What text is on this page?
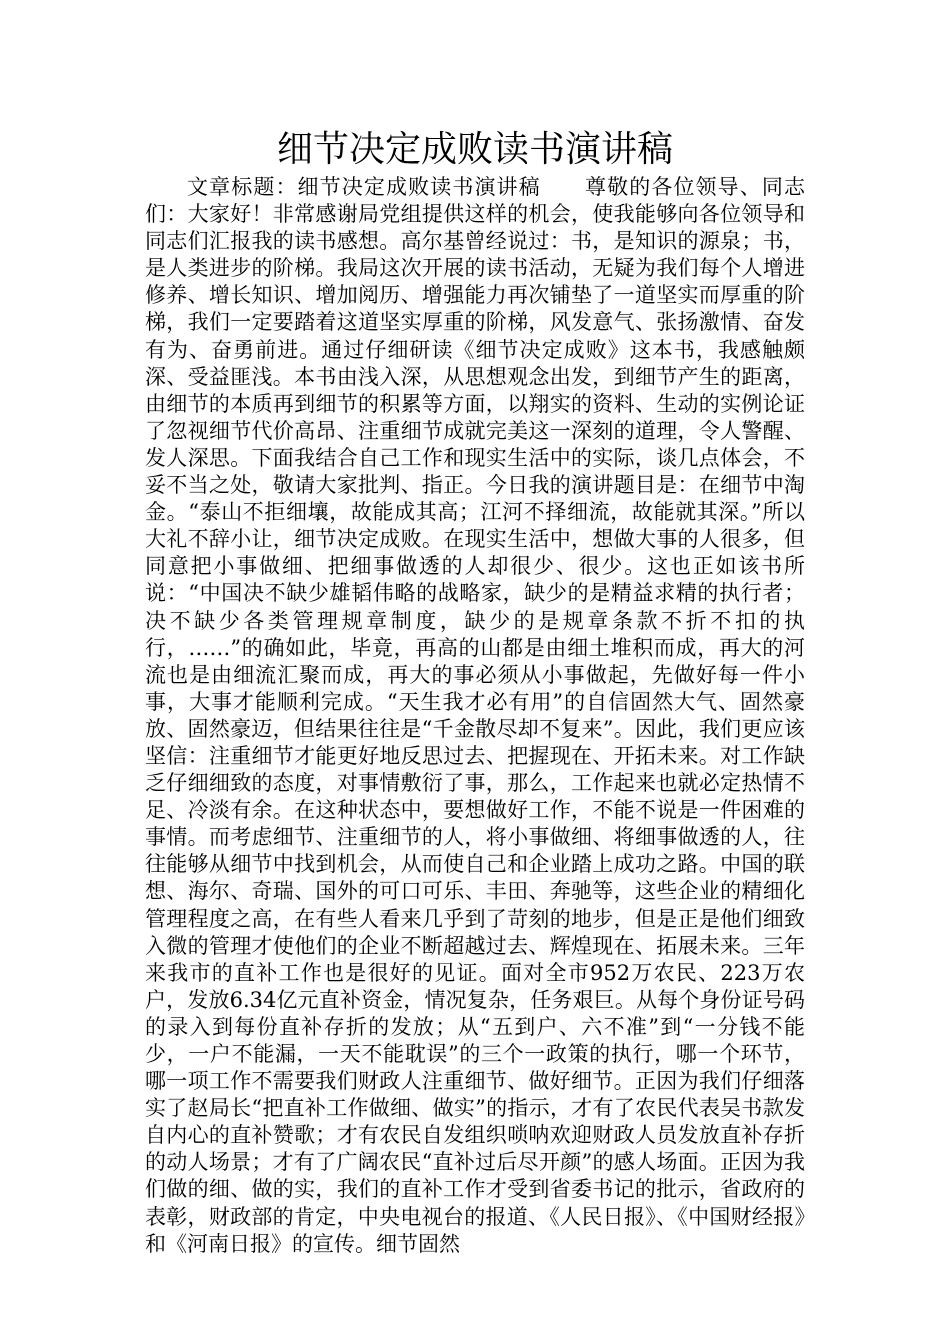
细节决定成败读书演讲稿

文章标题：细节决定成败读书演讲稿　　尊敬的各位领导、同志们：大家好！非常感谢局党组提供这样的机会，使我能够向各位领导和同志们汇报我的读书感想。高尔基曾经说过：书，是知识的源泉；书，是人类进步的阶梯。我局这次开展的读书活动，无疑为我们每个人增进修养、增长知识、增加阅历、增强能力再次铺垫了一道坚实而厚重的阶梯，我们一定要踏着这道坚实厚重的阶梯，风发意气、张扬激情、奋发有为、奋勇前进。通过仔细研读《细节决定成败》这本书，我感触颇深、受益匪浅。本书由浅入深，从思想观念出发，到细节产生的距离，由细节的本质再到细节的积累等方面，以翔实的资料、生动的实例论证了忽视细节代价高昂、注重细节成就完美这一深刻的道理，令人警醒、发人深思。下面我结合自己工作和现实生活中的实际，谈几点体会，不妥不当之处，敬请大家批判、指正。今日我的演讲题目是：在细节中淘金。“泰山不拒细壤，故能成其高；江河不择细流，故能就其深。”所以大礼不辞小让，细节决定成败。在现实生活中，想做大事的人很多，但同意把小事做细、把细事做透的人却很少、很少。这也正如该书所说：“中国决不缺少雄韬伟略的战略家，缺少的是精益求精的执行者；决不缺少各类管理规章制度，缺少的是规章条款不折不扣的执行，……”的确如此，毕竟，再高的山都是由细土堆积而成，再大的河流也是由细流汇聚而成，再大的事必须从小事做起，先做好每一件小事，大事才能顺利完成。“天生我才必有用”的自信固然大气、固然豪放、固然豪迈，但结果往往是“千金散尽却不复来”。因此，我们更应该坚信：注重细节才能更好地反思过去、把握现在、开拓未来。对工作缺乏仔细细致的态度，对事情敷衍了事，那么，工作起来也就必定热情不足、冷淡有余。在这种状态中，要想做好工作，不能不说是一件困难的事情。而考虑细节、注重细节的人，将小事做细、将细事做透的人，往往能够从细节中找到机会，从而使自己和企业踏上成功之路。中国的联想、海尔、奇瑞、国外的可口可乐、丰田、奔驰等，这些企业的精细化管理程度之高，在有些人看来几乎到了苛刻的地步，但是正是他们细致入微的管理才使他们的企业不断超越过去、辉煌现在、拓展未来。三年来我市的直补工作也是很好的见证。面对全市952万农民、223万农户，发放6.34亿元直补资金，情况复杂，任务艰巨。从每个身份证号码的录入到每份直补存折的发放；从“五到户、六不准”到“一分钱不能少，一户不能漏，一天不能耽误”的三个一政策的执行，哪一个环节，哪一项工作不需要我们财政人注重细节、做好细节。正因为我们仔细落实了赵局长“把直补工作做细、做实”的指示，才有了农民代表吴书款发自内心的直补赞歌；才有农民自发组织唢呐欢迎财政人员发放直补存折的动人场景；才有了广阔农民“直补过后尽开颜”的感人场面。正因为我们做的细、做的实，我们的直补工作才受到省委书记的批示，省政府的表彰，财政部的肯定，中央电视台的报道、《人民日报》、《中国财经报》和《河南日报》的宣传。细节固然
